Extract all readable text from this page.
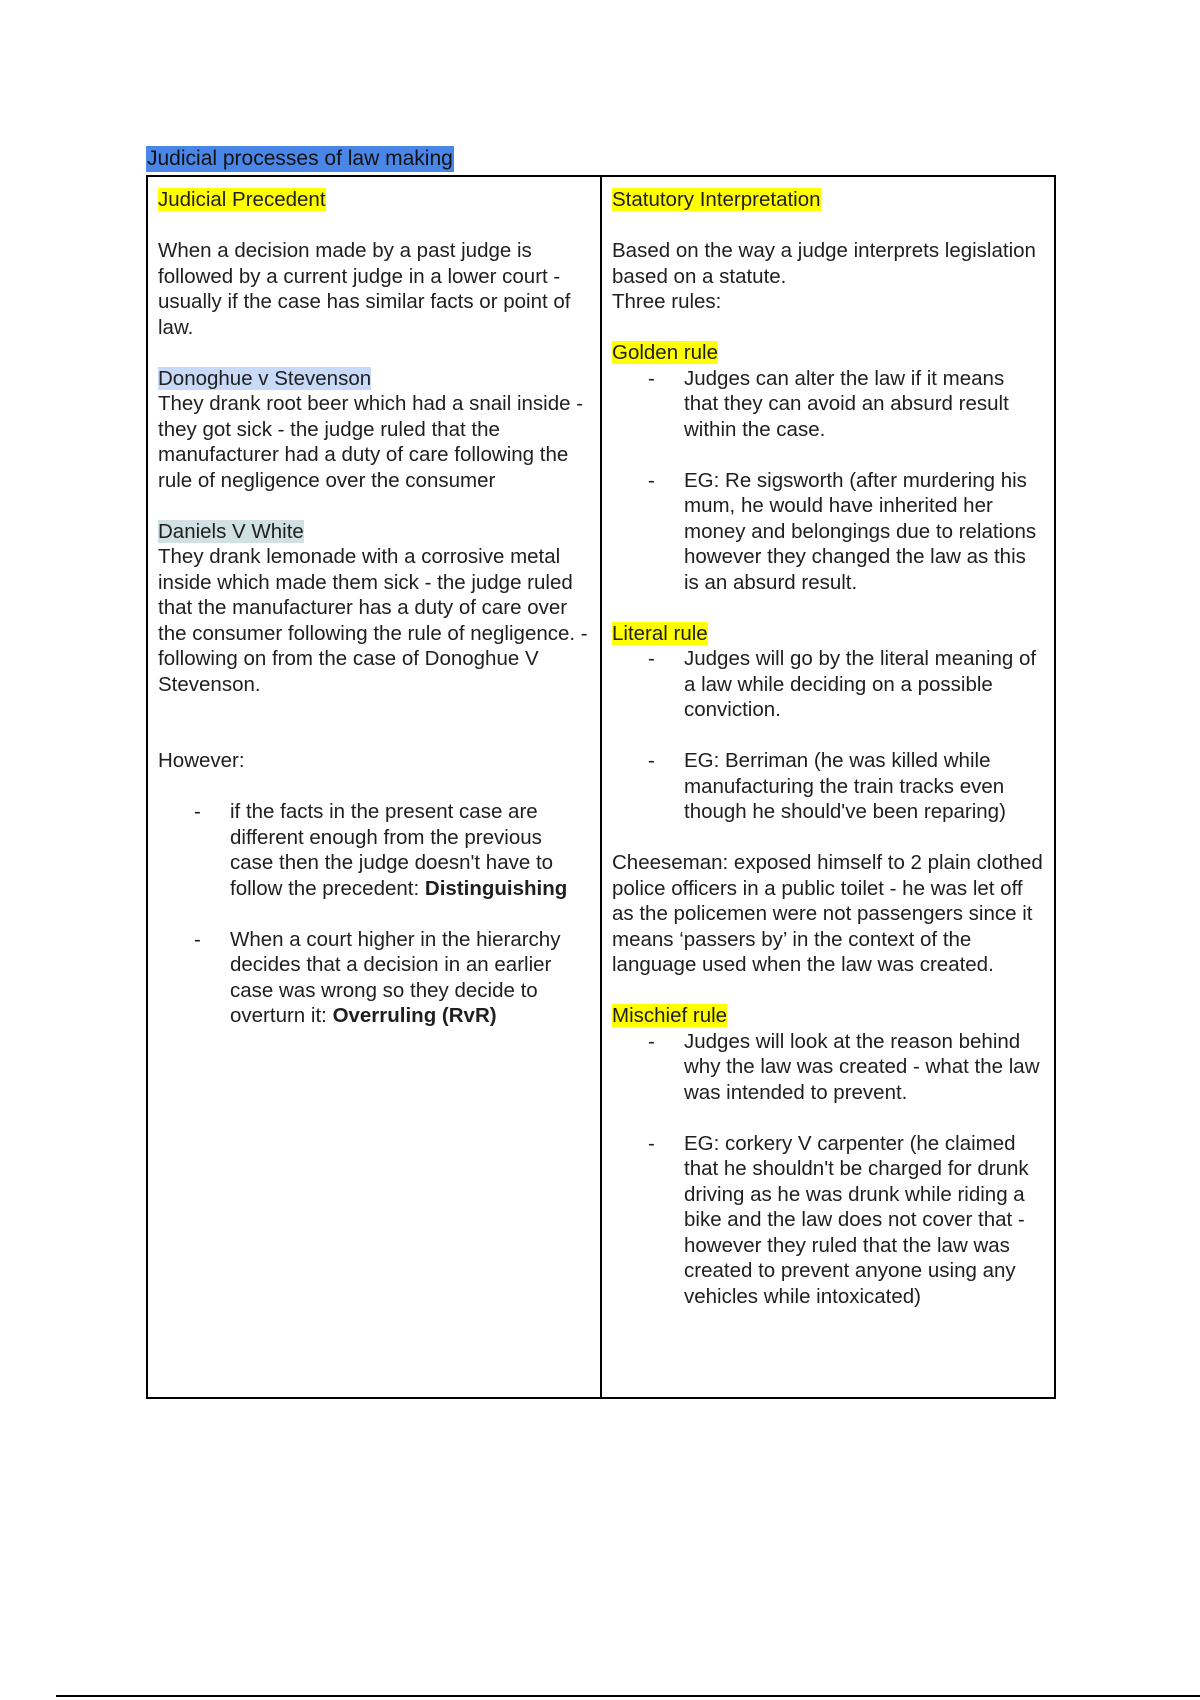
Judicial processes of law making

Judicial Precedent

When a decision made by a past judge is followed by a current judge in a lower court - usually if the case has similar facts or point of law.

Donoghue v Stevenson

They drank root beer which had a snail inside - they got sick - the judge ruled that the manufacturer had a duty of care following the rule of negligence over the consumer

Daniels V White

They drank lemonade with a corrosive metal inside which made them sick - the judge ruled that the manufacturer has a duty of care over the consumer following the rule of negligence. - following on from the case of Donoghue V Stevenson.

However:

- if the facts in the present case are different enough from the previous case then the judge doesn't have to follow the precedent: Distinguishing
- When a court higher in the hierarchy decides that a decision in an earlier case was wrong so they decide to overturn it: Overruling (RvR)

Statutory Interpretation

Based on the way a judge interprets legislation based on a statute.

Three rules:

Golden rule

- Judges can alter the law if it means that they can avoid an absurd result within the case.
- EG: Re sigsworth (after murdering his mum, he would have inherited her money and belongings due to relations however they changed the law as this is an absurd result.

Literal rule

- Judges will go by the literal meaning of a law while deciding on a possible conviction.
- EG: Berriman (he was killed while manufacturing the train tracks even though he should've been reparing)

Cheeseman: exposed himself to 2 plain clothed police officers in a public toilet - he was let off as the policemen were not passengers since it means ‘passers by’ in the context of the language used when the law was created.

Mischief rule

- Judges will look at the reason behind why the law was created - what the law was intended to prevent.
- EG: corkery V carpenter (he claimed that he shouldn't be charged for drunk driving as he was drunk while riding a bike and the law does not cover that - however they ruled that the law was created to prevent anyone using any vehicles while intoxicated)
